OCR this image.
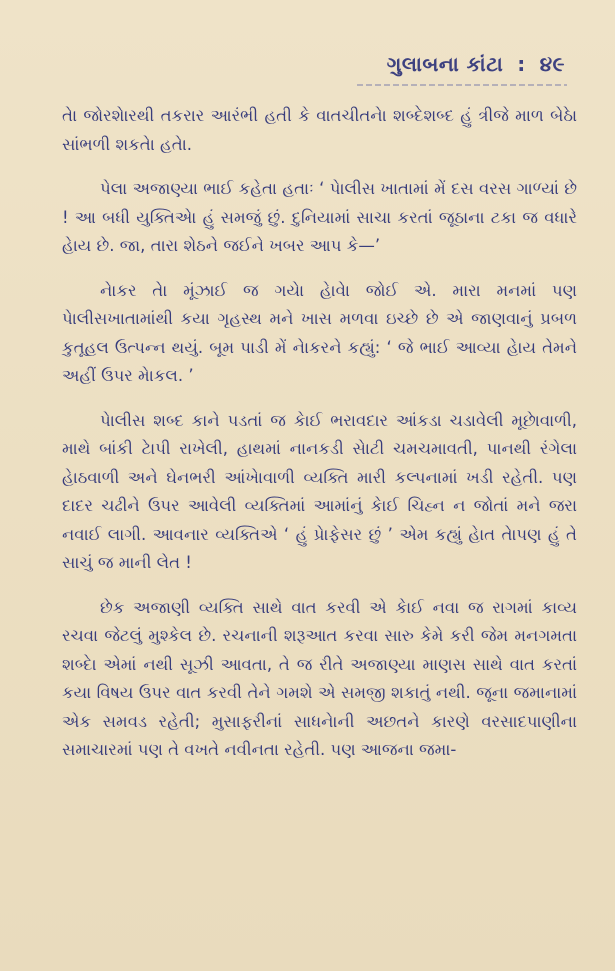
ગુલાબના કાંટા : ૪૯

તેા જોરશેારથી તકરાર આરંભી હતી કે વાતચીતનેા શબ્દેશબ્દ હું ત્રીજે માળ બેઠેા સાંભળી શકતેા હતેા.

પેલા અજાણ્યા ભાઈ કહેતા હતાઃ ‘ પેાલીસ ખાતામાં મેં દસ વરસ ગાળ્યાં છે ! આ બધી યુક્તિએા હું સમજું છું. દુનિયામાં સાચા કરતાં જૂઠાના ટકા જ વધારે હેાય છે. જા, તારા શેઠને જઈને ખબર આપ કે—’

નેાકર તેા મૂંઝાઈ જ ગયેા હેાવેા જોઈ એ. મારા મનમાં પણ પેાલીસખાતામાંથી કયા ગૃહસ્થ મને ખાસ મળવા ઇચ્છે છે એ જાણવાનું પ્રબળ કુતૂહલ ઉત્પન્ન થયું. બૂમ પાડી મેં નેાકરને કહ્યું: ‘ જે ભાઈ આવ્યા હેાય તેમને અહીં ઉપર મેાકલ. ’

પેાલીસ શબ્દ કાને પડતાં જ કેાઈ ભરાવદાર આંકડા ચડાવેલી મૂછેાવાળી, માથે બાંકી ટેાપી રાખેલી, હાથમાં નાનકડી સેાટી ચમચમાવતી, પાનથી રંગેલા હેાઠવાળી અને ઘેનભરી આંખેાવાળી વ્યક્તિ મારી કલ્પનામાં ખડી રહેતી. પણ દાદર ચઢીને ઉપર આવેલી વ્યક્તિમાં આમાંનું કેાઈ ચિહ્ન ન જોતાં મને જરા નવાઈ લાગી. આવનાર વ્યક્તિએ ‘ હું પ્રેાફેસર છું ’ એમ કહ્યું હેાત તેાપણ હું તે સાચું જ માની લેત !

છેક અજાણી વ્યક્તિ સાથે વાત કરવી એ કેાઈ નવા જ રાગમાં કાવ્ય રચવા જેટલું મુશ્કેલ છે. રચનાની શરૂઆત કરવા સારુ કેમે કરી જેમ મનગમતા શબ્દેા એમાં નથી સૂઝી આવતા, તે જ રીતે અજાણ્યા માણસ સાથે વાત કરતાં કયા વિષય ઉપર વાત કરવી તેને ગમશે એ સમજી શકાતું નથી. જૂના જમાનામાં એક સમવડ રહેતી; મુસાફરીનાં સાધનેાની અછતને કારણે વરસાદપાણીના સમાચારમાં પણ તે વખતે નવીનતા રહેતી. પણ આજના જમા-
